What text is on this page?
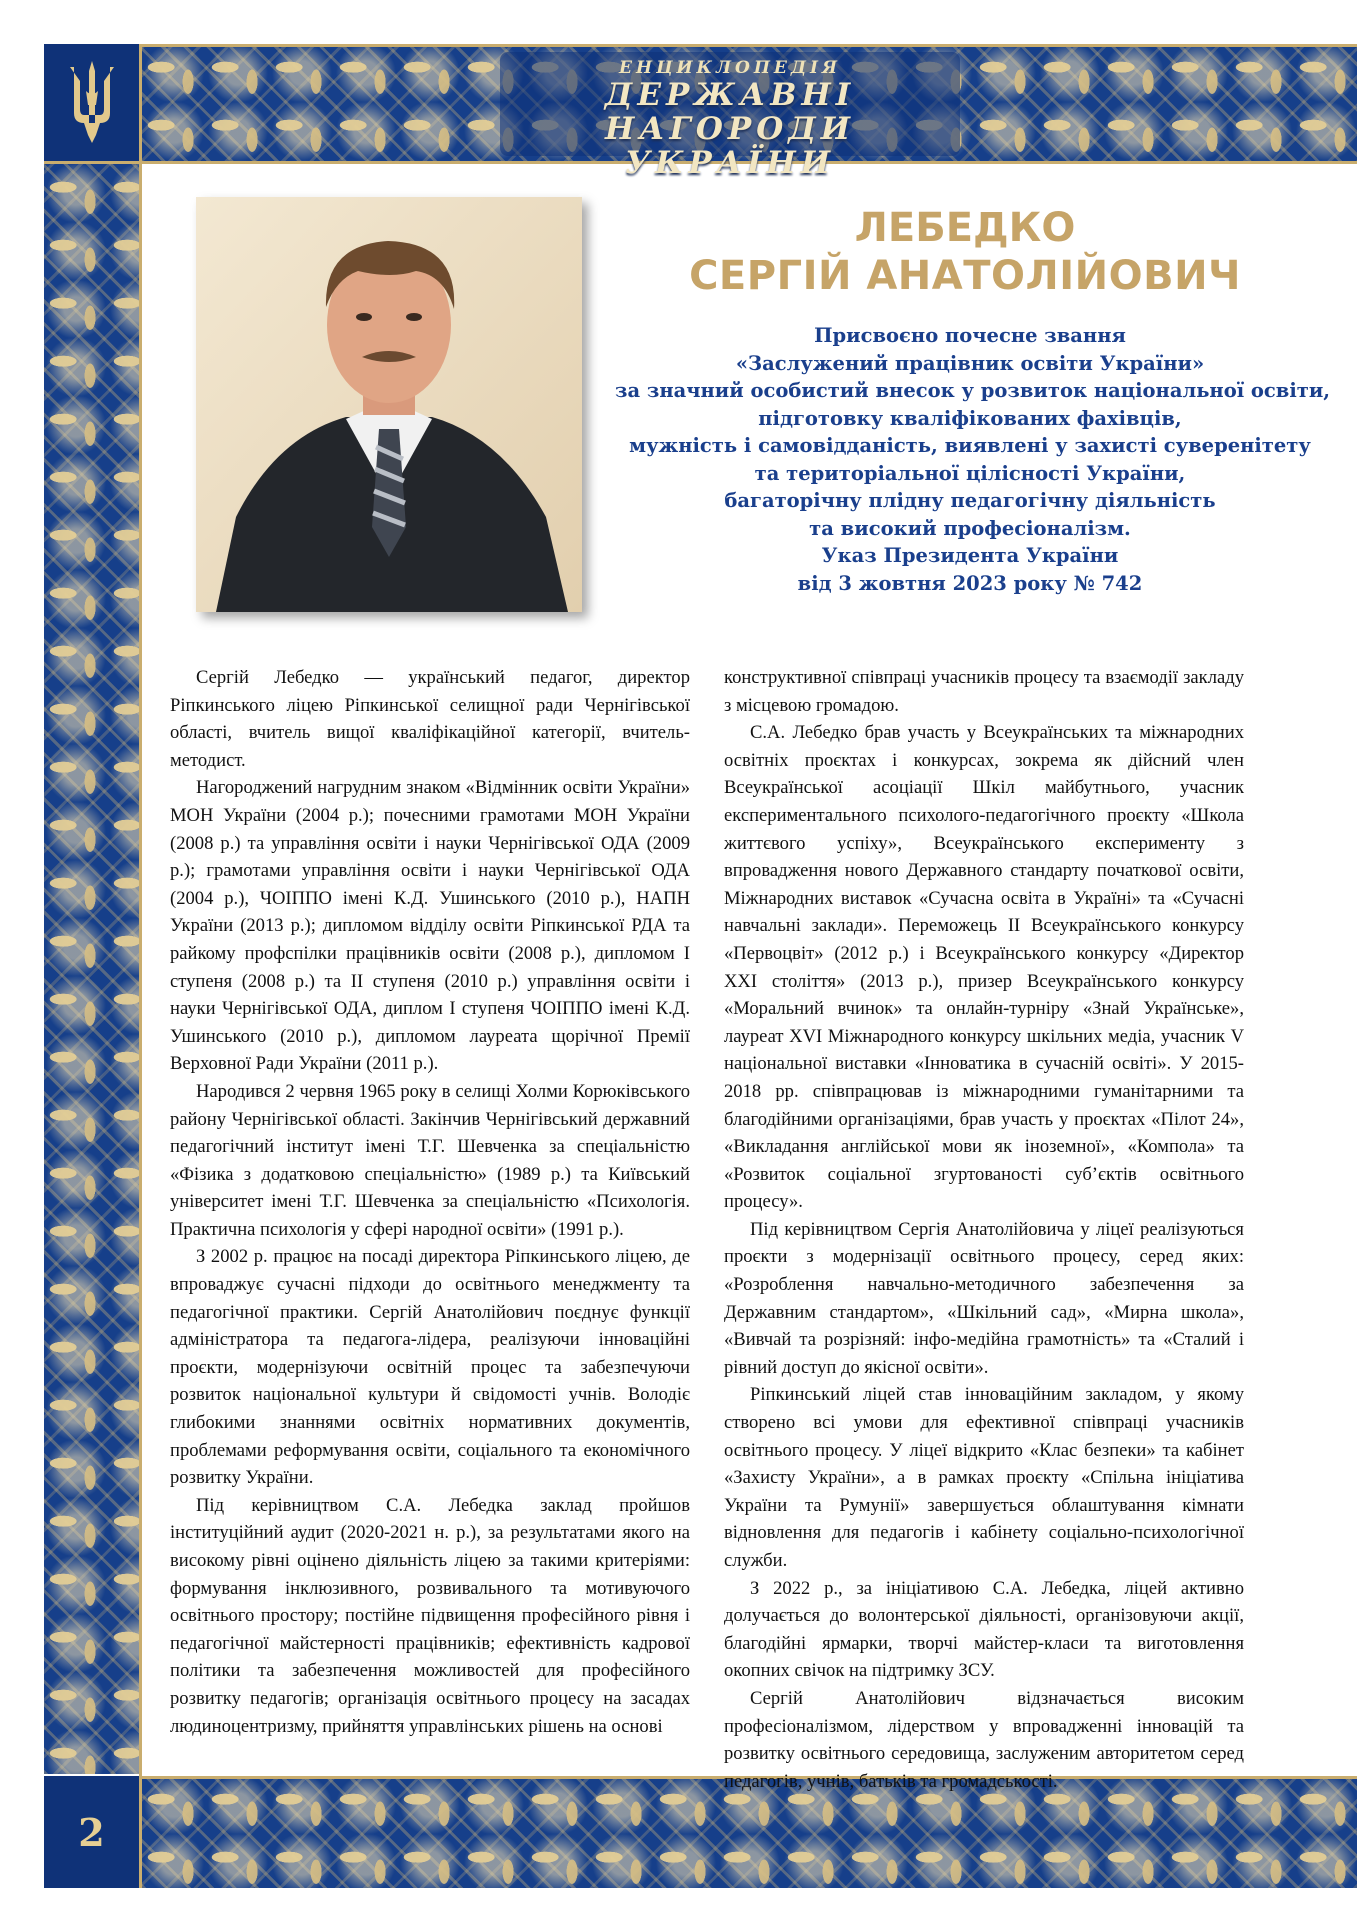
ЕНЦИКЛОПЕДІЯ
ДЕРЖАВНІ НАГОРОДИ
УКРАЇНИ
2
ЛЕБЕДКО
СЕРГІЙ АНАТОЛІЙОВИЧ
Присвоєно почесне звання
«Заслужений працівник освіти України»
за значний особистий внесок у розвиток національної освіти,
підготовку кваліфікованих фахівців,
мужність і самовідданість, виявлені у захисті суверенітету
та територіальної цілісності України,
багаторічну плідну педагогічну діяльність
та високий професіоналізм.
Указ Президента України
від 3 жовтня 2023 року № 742

Сергій Лебедко — український педагог, директор Ріпкинського ліцею Ріпкинської селищної ради Чернігівської області, вчитель вищої кваліфікаційної категорії, вчитель-методист.

Нагороджений нагрудним знаком «Відмінник освіти України» МОН України (2004 р.); почесними грамотами МОН України (2008 р.) та управління освіти і науки Чернігівської ОДА (2009 р.); грамотами управління освіти і науки Чернігівської ОДА (2004 р.), ЧОІППО імені К.Д. Ушинського (2010 р.), НАПН України (2013 р.); дипломом відділу освіти Ріпкинської РДА та райкому профспілки працівників освіти (2008 р.), дипломом I ступеня (2008 р.) та II ступеня (2010 р.) управління освіти і науки Чернігівської ОДА, диплом I ступеня ЧОІППО імені К.Д. Ушинського (2010 р.), дипломом лауреата щорічної Премії Верховної Ради України (2011 р.).

Народився 2 червня 1965 року в селищі Холми Корюківського району Чернігівської області. Закінчив Чернігівський державний педагогічний інститут імені Т.Г. Шевченка за спеціальністю «Фізика з додатковою спеціальністю» (1989 р.) та Київський університет імені Т.Г. Шевченка за спеціальністю «Психологія. Практична психологія у сфері народної освіти» (1991 р.).

З 2002 р. працює на посаді директора Ріпкинського ліцею, де впроваджує сучасні підходи до освітнього менеджменту та педагогічної практики. Сергій Анатолійович поєднує функції адміністратора та педагога-лідера, реалізуючи інноваційні проєкти, модернізуючи освітній процес та забезпечуючи розвиток національної культури й свідомості учнів. Володіє глибокими знаннями освітніх нормативних документів, проблемами реформування освіти, соціального та економічного розвитку України.

Під керівництвом С.А. Лебедка заклад пройшов інституційний аудит (2020-2021 н. р.), за результатами якого на високому рівні оцінено діяльність ліцею за такими критеріями: формування інклюзивного, розвивального та мотивуючого освітнього простору; постійне підвищення професійного рівня і педагогічної майстерності працівників; ефективність кадрової політики та забезпечення можливостей для професійного розвитку педагогів; організація освітнього процесу на засадах людиноцентризму, прийняття управлінських рішень на основі

конструктивної співпраці учасників процесу та взаємодії закладу з місцевою громадою.

С.А. Лебедко брав участь у Всеукраїнських та міжнародних освітніх проєктах і конкурсах, зокрема як дійсний член Всеукраїнської асоціації Шкіл майбутнього, учасник експериментального психолого-педагогічного проєкту «Школа життєвого успіху», Всеукраїнського експерименту з впровадження нового Державного стандарту початкової освіти, Міжнародних виставок «Сучасна освіта в Україні» та «Сучасні навчальні заклади». Переможець II Всеукраїнського конкурсу «Первоцвіт» (2012 р.) і Всеукраїнського конкурсу «Директор XXI століття» (2013 р.), призер Всеукраїнського конкурсу «Моральний вчинок» та онлайн-турніру «Знай Українське», лауреат XVI Міжнародного конкурсу шкільних медіа, учасник V національної виставки «Інноватика в сучасній освіті». У 2015-2018 рр. співпрацював із міжнародними гуманітарними та благодійними організаціями, брав участь у проєктах «Пілот 24», «Викладання англійської мови як іноземної», «Компола» та «Розвиток соціальної згуртованості суб’єктів освітнього процесу».

Під керівництвом Сергія Анатолійовича у ліцеї реалізуються проєкти з модернізації освітнього процесу, серед яких: «Розроблення навчально-методичного забезпечення за Державним стандартом», «Шкільний сад», «Мирна школа», «Вивчай та розрізняй: інфо-медійна грамотність» та «Сталий і рівний доступ до якісної освіти».

Ріпкинський ліцей став інноваційним закладом, у якому створено всі умови для ефективної співпраці учасників освітнього процесу. У ліцеї відкрито «Клас безпеки» та кабінет «Захисту України», а в рамках проєкту «Спільна ініціатива України та Румунії» завершується облаштування кімнати відновлення для педагогів і кабінету соціально-психологічної служби.

З 2022 р., за ініціативою С.А. Лебедка, ліцей активно долучається до волонтерської діяльності, організовуючи акції, благодійні ярмарки, творчі майстер-класи та виготовлення окопних свічок на підтримку ЗСУ.

Сергій Анатолійович відзначається високим професіоналізмом, лідерством у впровадженні інновацій та розвитку освітнього середовища, заслуженим авторитетом серед педагогів, учнів, батьків та громадськості.
